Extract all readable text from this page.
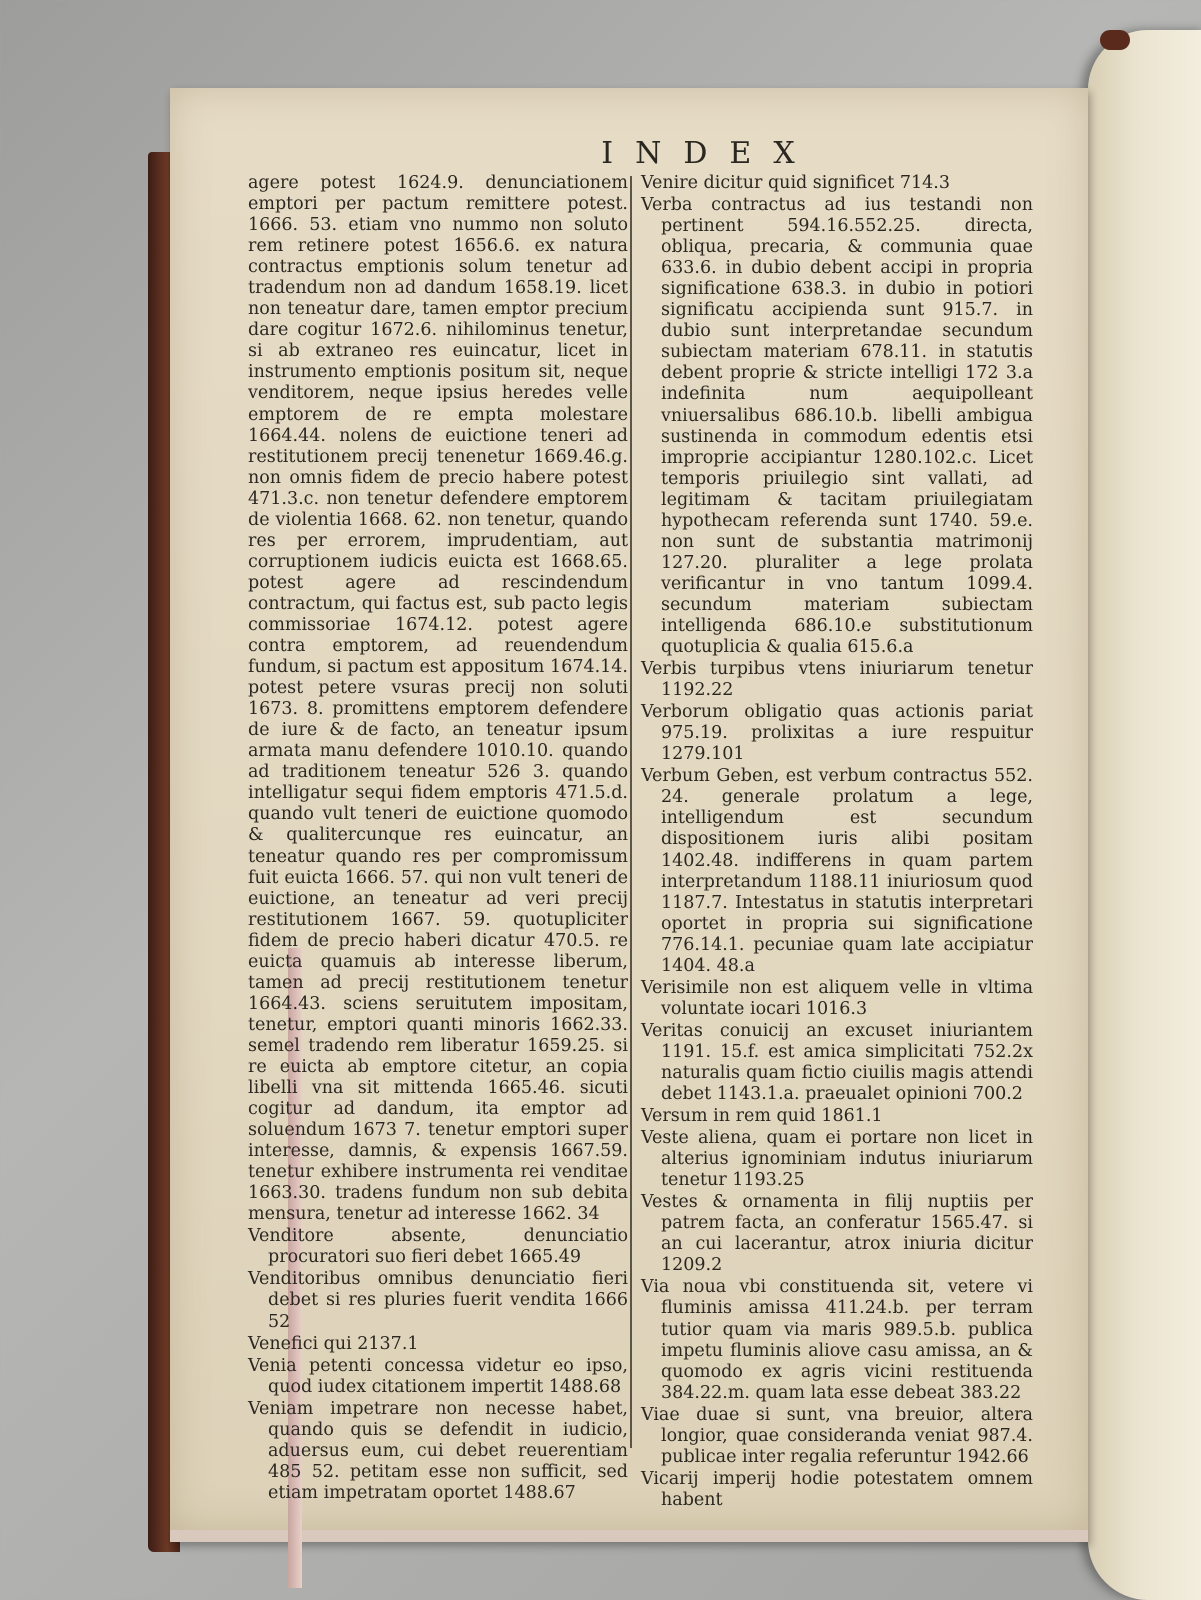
INDEX

agere potest 1624.9. denunciationem emptori per pactum remittere potest. 1666. 53. etiam vno nummo non soluto rem retinere potest 1656.6. ex natura contractus emptionis solum tenetur ad tradendum non ad dandum 1658.19. licet non teneatur dare, tamen emptor precium dare cogitur 1672.6. nihilominus tenetur, si ab extraneo res euincatur, licet in instrumento emptionis positum sit, neque venditorem, neque ipsius heredes velle emptorem de re empta molestare 1664.44. nolens de euictione teneri ad restitutionem precij tenenetur 1669.46.g. non omnis fidem de precio habere potest 471.3.c. non tenetur defendere emptorem de violentia 1668. 62. non tenetur, quando res per errorem, imprudentiam, aut corruptionem iudicis euicta est 1668.65. potest agere ad rescindendum contractum, qui factus est, sub pacto legis commissoriae 1674.12. potest agere contra emptorem, ad reuendendum fundum, si pactum est appositum 1674.14. potest petere vsuras precij non soluti 1673. 8. promittens emptorem defendere de iure & de facto, an teneatur ipsum armata manu defendere 1010.10. quando ad traditionem teneatur 526 3. quando intelligatur sequi fidem emptoris 471.5.d. quando vult teneri de euictione quomodo & qualitercunque res euincatur, an teneatur quando res per compromissum fuit euicta 1666. 57. qui non vult teneri de euictione, an teneatur ad veri precij restitutionem 1667. 59. quotupliciter fidem de precio haberi dicatur 470.5. re euicta quamuis ab interesse liberum, tamen ad precij restitutionem tenetur 1664.43. sciens seruitutem impositam, tenetur, emptori quanti minoris 1662.33. semel tradendo rem liberatur 1659.25. si re euicta ab emptore citetur, an copia libelli vna sit mittenda 1665.46. sicuti cogitur ad dandum, ita emptor ad soluendum 1673 7. tenetur emptori super interesse, damnis, & expensis 1667.59. tenetur exhibere instrumenta rei venditae 1663.30. tradens fundum non sub debita mensura, tenetur ad interesse 1662. 34

Venditore absente, denunciatio procuratori suo fieri debet 1665.49

Venditoribus omnibus denunciatio fieri debet si res pluries fuerit vendita 1666 52

Venefici qui 2137.1

Venia petenti concessa videtur eo ipso, quod iudex citationem impertit 1488.68

Veniam impetrare non necesse habet, quando quis se defendit in iudicio, aduersus eum, cui debet reuerentiam 485 52. petitam esse non sufficit, sed etiam impetratam oportet 1488.67

Venire dicitur quid significet 714.3

Verba contractus ad ius testandi non pertinent 594.16.552.25. directa, obliqua, precaria, & communia quae 633.6. in dubio debent accipi in propria significatione 638.3. in dubio in potiori significatu accipienda sunt 915.7. in dubio sunt interpretandae secundum subiectam materiam 678.11. in statutis debent proprie & stricte intelligi 172 3.a indefinita num aequipolleant vniuersalibus 686.10.b. libelli ambigua sustinenda in commodum edentis etsi improprie accipiantur 1280.102.c. Licet temporis priuilegio sint vallati, ad legitimam & tacitam priuilegiatam hypothecam referenda sunt 1740. 59.e. non sunt de substantia matrimonij 127.20. pluraliter a lege prolata verificantur in vno tantum 1099.4. secundum materiam subiectam intelligenda 686.10.e substitutionum quotuplicia & qualia 615.6.a

Verbis turpibus vtens iniuriarum tenetur 1192.22

Verborum obligatio quas actionis pariat 975.19. prolixitas a iure respuitur 1279.101

Verbum Geben, est verbum contractus 552. 24. generale prolatum a lege, intelligendum est secundum dispositionem iuris alibi positam 1402.48. indifferens in quam partem interpretandum 1188.11 iniuriosum quod 1187.7. Intestatus in statutis interpretari oportet in propria sui significatione 776.14.1. pecuniae quam late accipiatur 1404. 48.a

Verisimile non est aliquem velle in vltima voluntate iocari 1016.3

Veritas conuicij an excuset iniuriantem 1191. 15.f. est amica simplicitati 752.2x naturalis quam fictio ciuilis magis attendi debet 1143.1.a. praeualet opinioni 700.2

Versum in rem quid 1861.1

Veste aliena, quam ei portare non licet in alterius ignominiam indutus iniuriarum tenetur 1193.25

Vestes & ornamenta in filij nuptiis per patrem facta, an conferatur 1565.47. si an cui lacerantur, atrox iniuria dicitur 1209.2

Via noua vbi constituenda sit, vetere vi fluminis amissa 411.24.b. per terram tutior quam via maris 989.5.b. publica impetu fluminis aliove casu amissa, an & quomodo ex agris vicini restituenda 384.22.m. quam lata esse debeat 383.22

Viae duae si sunt, vna breuior, altera longior, quae consideranda veniat 987.4. publicae inter regalia referuntur 1942.66

Vicarij imperij hodie potestatem omnem habent
